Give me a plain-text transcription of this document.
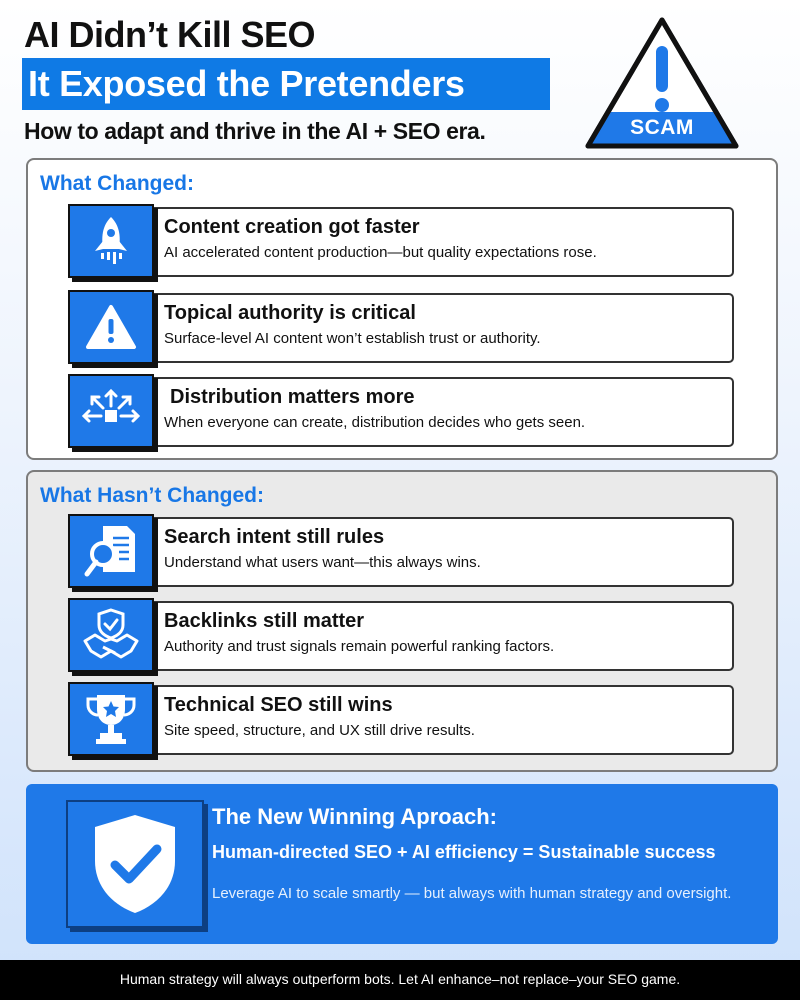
AI Didn’t Kill SEO
It Exposed the Pretenders
How to adapt and thrive in the AI + SEO era.	SCAM
What Changed:
Content creation got faster
AI accelerated content production—but quality expectations rose.
Topical authority is critical
Surface-level AI content won’t establish trust or authority.
Distribution matters more
When everyone can create, distribution decides who gets seen.
What Hasn’t Changed:
Search intent still rules
Understand what users want—this always wins.
Backlinks still matter
Authority and trust signals remain powerful ranking factors.
Technical SEO still wins
Site speed, structure, and UX still drive results.
The New Winning Aproach:
Human-directed SEO + AI efficiency = Sustainable success
Leverage AI to scale smartly — but always with human strategy and oversight.
Human strategy will always outperform bots. Let AI enhance–not replace–your SEO game.
